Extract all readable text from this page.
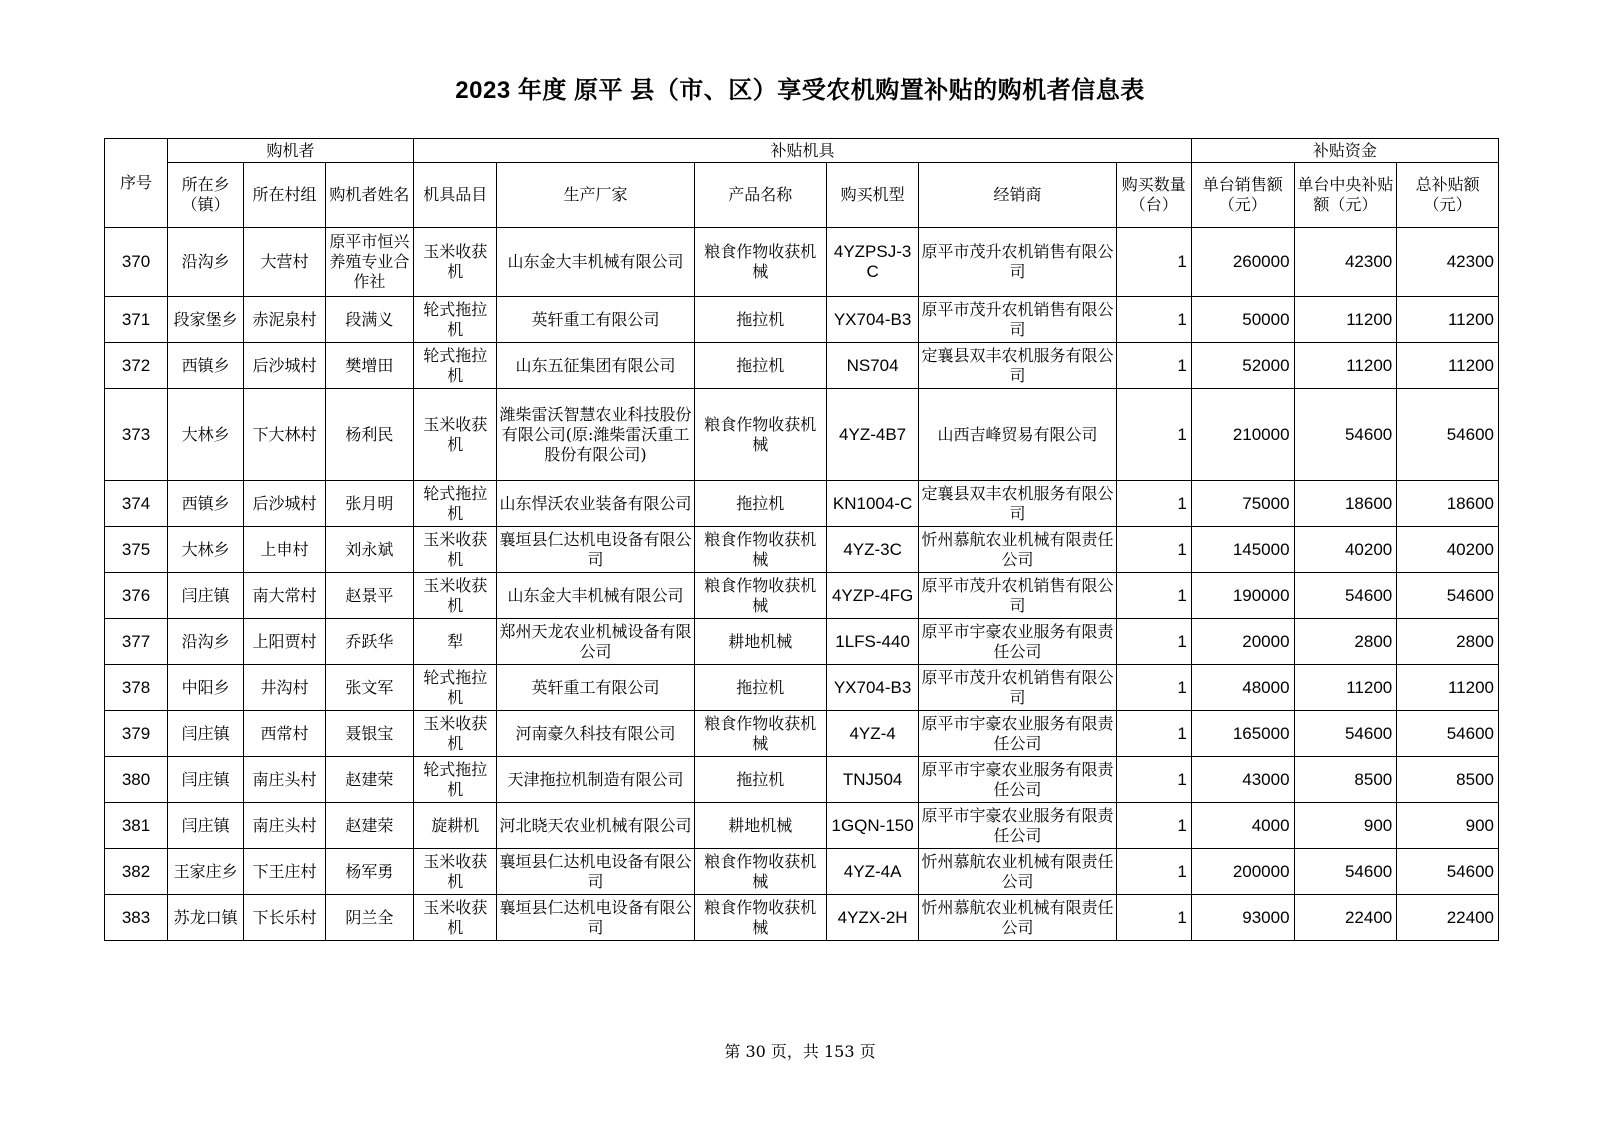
2023 年度 原平 县（市、区）享受农机购置补贴的购机者信息表
序号	购机者			补贴机具						补贴资金		
	所在乡（镇）	所在村组	购机者姓名	机具品目	生产厂家	产品名称	购买机型	经销商	购买数量（台）	单台销售额（元）	单台中央补贴额（元）	总补贴额（元）
370	沿沟乡	大营村	原平市恒兴养殖专业合作社	玉米收获机	山东金大丰机械有限公司	粮食作物收获机械	4YZPSJ-3C	原平市茂升农机销售有限公司	1	260000	42300	42300
371	段家堡乡	赤泥泉村	段满义	轮式拖拉机	英轩重工有限公司	拖拉机	YX704-B3	原平市茂升农机销售有限公司	1	50000	11200	11200
372	西镇乡	后沙城村	樊增田	轮式拖拉机	山东五征集团有限公司	拖拉机	NS704	定襄县双丰农机服务有限公司	1	52000	11200	11200
373	大林乡	下大林村	杨利民	玉米收获机	潍柴雷沃智慧农业科技股份有限公司(原:潍柴雷沃重工股份有限公司)	粮食作物收获机械	4YZ-4B7	山西吉峰贸易有限公司	1	210000	54600	54600
374	西镇乡	后沙城村	张月明	轮式拖拉机	山东悍沃农业装备有限公司	拖拉机	KN1004-C	定襄县双丰农机服务有限公司	1	75000	18600	18600
375	大林乡	上申村	刘永斌	玉米收获机	襄垣县仁达机电设备有限公司	粮食作物收获机械	4YZ-3C	忻州慕航农业机械有限责任公司	1	145000	40200	40200
376	闫庄镇	南大常村	赵景平	玉米收获机	山东金大丰机械有限公司	粮食作物收获机械	4YZP-4FG	原平市茂升农机销售有限公司	1	190000	54600	54600
377	沿沟乡	上阳贾村	乔跃华	犁	郑州天龙农业机械设备有限公司	耕地机械	1LFS-440	原平市宇豪农业服务有限责任公司	1	20000	2800	2800
378	中阳乡	井沟村	张文军	轮式拖拉机	英轩重工有限公司	拖拉机	YX704-B3	原平市茂升农机销售有限公司	1	48000	11200	11200
379	闫庄镇	西常村	聂银宝	玉米收获机	河南豪久科技有限公司	粮食作物收获机械	4YZ-4	原平市宇豪农业服务有限责任公司	1	165000	54600	54600
380	闫庄镇	南庄头村	赵建荣	轮式拖拉机	天津拖拉机制造有限公司	拖拉机	TNJ504	原平市宇豪农业服务有限责任公司	1	43000	8500	8500
381	闫庄镇	南庄头村	赵建荣	旋耕机	河北晓天农业机械有限公司	耕地机械	1GQN-150	原平市宇豪农业服务有限责任公司	1	4000	900	900
382	王家庄乡	下王庄村	杨军勇	玉米收获机	襄垣县仁达机电设备有限公司	粮食作物收获机械	4YZ-4A	忻州慕航农业机械有限责任公司	1	200000	54600	54600
383	苏龙口镇	下长乐村	阴兰全	玉米收获机	襄垣县仁达机电设备有限公司	粮食作物收获机械	4YZX-2H	忻州慕航农业机械有限责任公司	1	93000	22400	22400
第 30 页，共 153 页
